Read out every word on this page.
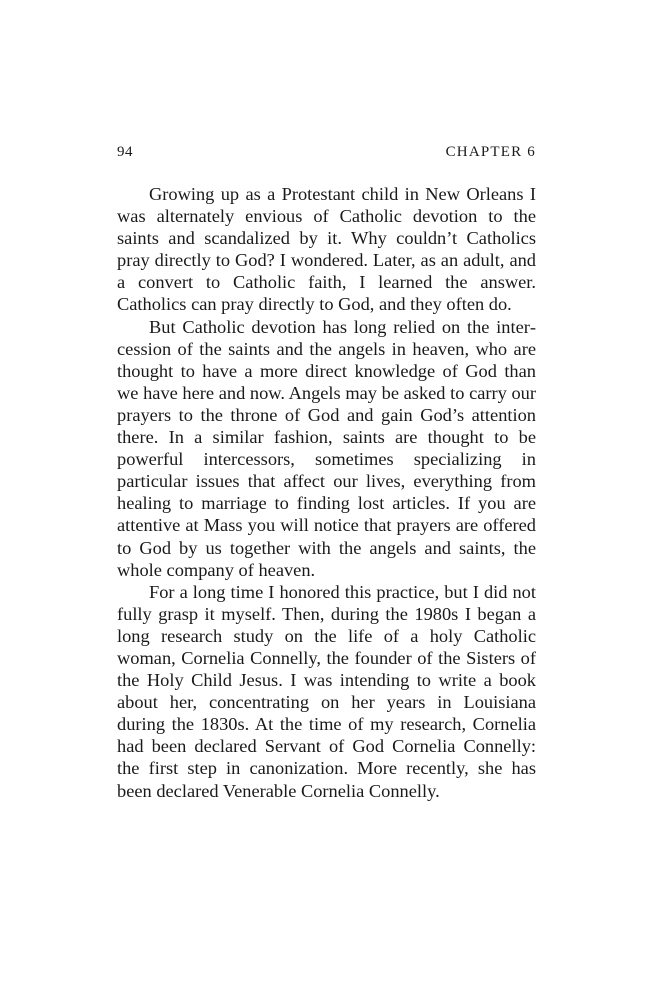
94	CHAPTER 6

Growing up as a Protestant child in New Orleans I was alternately envious of Catholic devotion to the saints and scandalized by it. Why couldn’t Catholics pray directly to God? I wondered. Later, as an adult, and a convert to Catholic faith, I learned the answer. Catholics can pray directly to God, and they often do.

But Catholic devotion has long relied on the intercession of the saints and the angels in heaven, who are thought to have a more direct knowledge of God than we have here and now. Angels may be asked to carry our prayers to the throne of God and gain God’s attention there. In a similar fashion, saints are thought to be powerful intercessors, sometimes specializing in particular issues that affect our lives, everything from healing to marriage to finding lost articles. If you are attentive at Mass you will notice that prayers are offered to God by us together with the angels and saints, the whole company of heaven.

For a long time I honored this practice, but I did not fully grasp it myself. Then, during the 1980s I began a long research study on the life of a holy Catholic woman, Cornelia Connelly, the founder of the Sisters of the Holy Child Jesus. I was intending to write a book about her, concentrating on her years in Louisiana during the 1830s. At the time of my research, Cornelia had been declared Servant of God Cornelia Connelly: the first step in canonization. More recently, she has been declared Venerable Cornelia Connelly.
